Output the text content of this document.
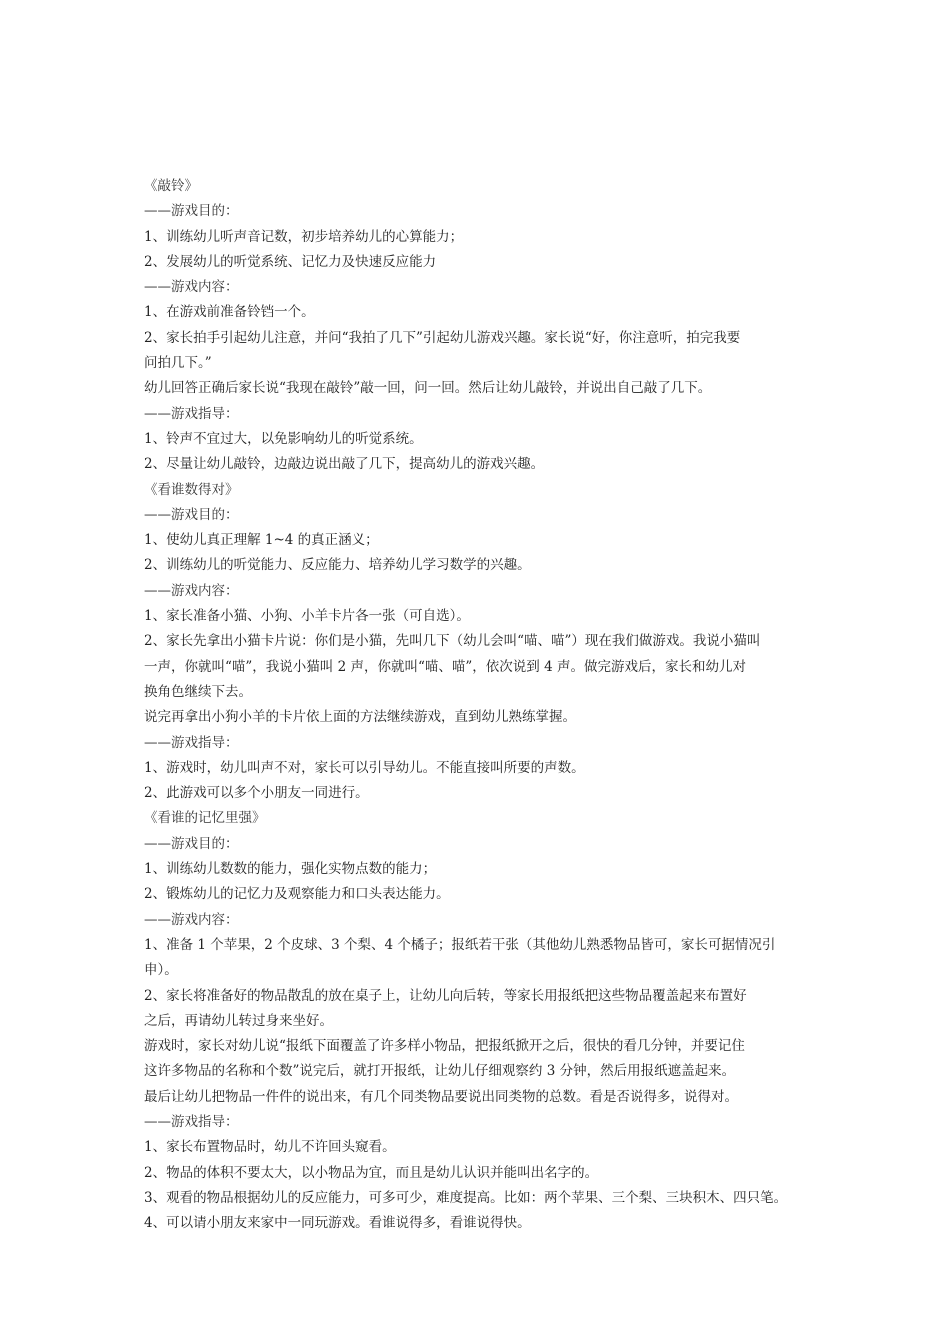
《敲铃》
——游戏目的：
1、训练幼儿听声音记数，初步培养幼儿的心算能力；
2、发展幼儿的听觉系统、记忆力及快速反应能力
——游戏内容：
1、在游戏前准备铃铛一个。
2、家长拍手引起幼儿注意，并问“我拍了几下”引起幼儿游戏兴趣。家长说“好，你注意听，拍完我要
问拍几下。”
幼儿回答正确后家长说“我现在敲铃”敲一回，问一回。然后让幼儿敲铃，并说出自己敲了几下。
——游戏指导：
1、铃声不宜过大，以免影响幼儿的听觉系统。
2、尽量让幼儿敲铃，边敲边说出敲了几下，提高幼儿的游戏兴趣。
《看谁数得对》
——游戏目的：
1、使幼儿真正理解 1~4 的真正涵义；
2、训练幼儿的听觉能力、反应能力、培养幼儿学习数学的兴趣。
——游戏内容：
1、家长准备小猫、小狗、小羊卡片各一张（可自选）。
2、家长先拿出小猫卡片说：你们是小猫，先叫几下（幼儿会叫“喵、喵”）现在我们做游戏。我说小猫叫
一声，你就叫“喵”，我说小猫叫 2 声，你就叫“喵、喵”，依次说到 4 声。做完游戏后，家长和幼儿对
换角色继续下去。
说完再拿出小狗小羊的卡片依上面的方法继续游戏，直到幼儿熟练掌握。
——游戏指导：
1、游戏时，幼儿叫声不对，家长可以引导幼儿。不能直接叫所要的声数。
2、此游戏可以多个小朋友一同进行。
《看谁的记忆里强》
——游戏目的：
1、训练幼儿数数的能力，强化实物点数的能力；
2、锻炼幼儿的记忆力及观察能力和口头表达能力。
——游戏内容：
1、准备 1 个苹果，2 个皮球、3 个梨、4 个橘子；报纸若干张（其他幼儿熟悉物品皆可，家长可据情况引
申）。
2、家长将准备好的物品散乱的放在桌子上，让幼儿向后转，等家长用报纸把这些物品覆盖起来布置好
之后，再请幼儿转过身来坐好。
游戏时，家长对幼儿说“报纸下面覆盖了许多样小物品，把报纸掀开之后，很快的看几分钟，并要记住
这许多物品的名称和个数”说完后，就打开报纸，让幼儿仔细观察约 3 分钟，然后用报纸遮盖起来。
最后让幼儿把物品一件件的说出来，有几个同类物品要说出同类物的总数。看是否说得多，说得对。
——游戏指导：
1、家长布置物品时，幼儿不许回头窥看。
2、物品的体积不要太大，以小物品为宜，而且是幼儿认识并能叫出名字的。
3、观看的物品根据幼儿的反应能力，可多可少，难度提高。比如：两个苹果、三个梨、三块积木、四只笔。
4、可以请小朋友来家中一同玩游戏。看谁说得多，看谁说得快。
